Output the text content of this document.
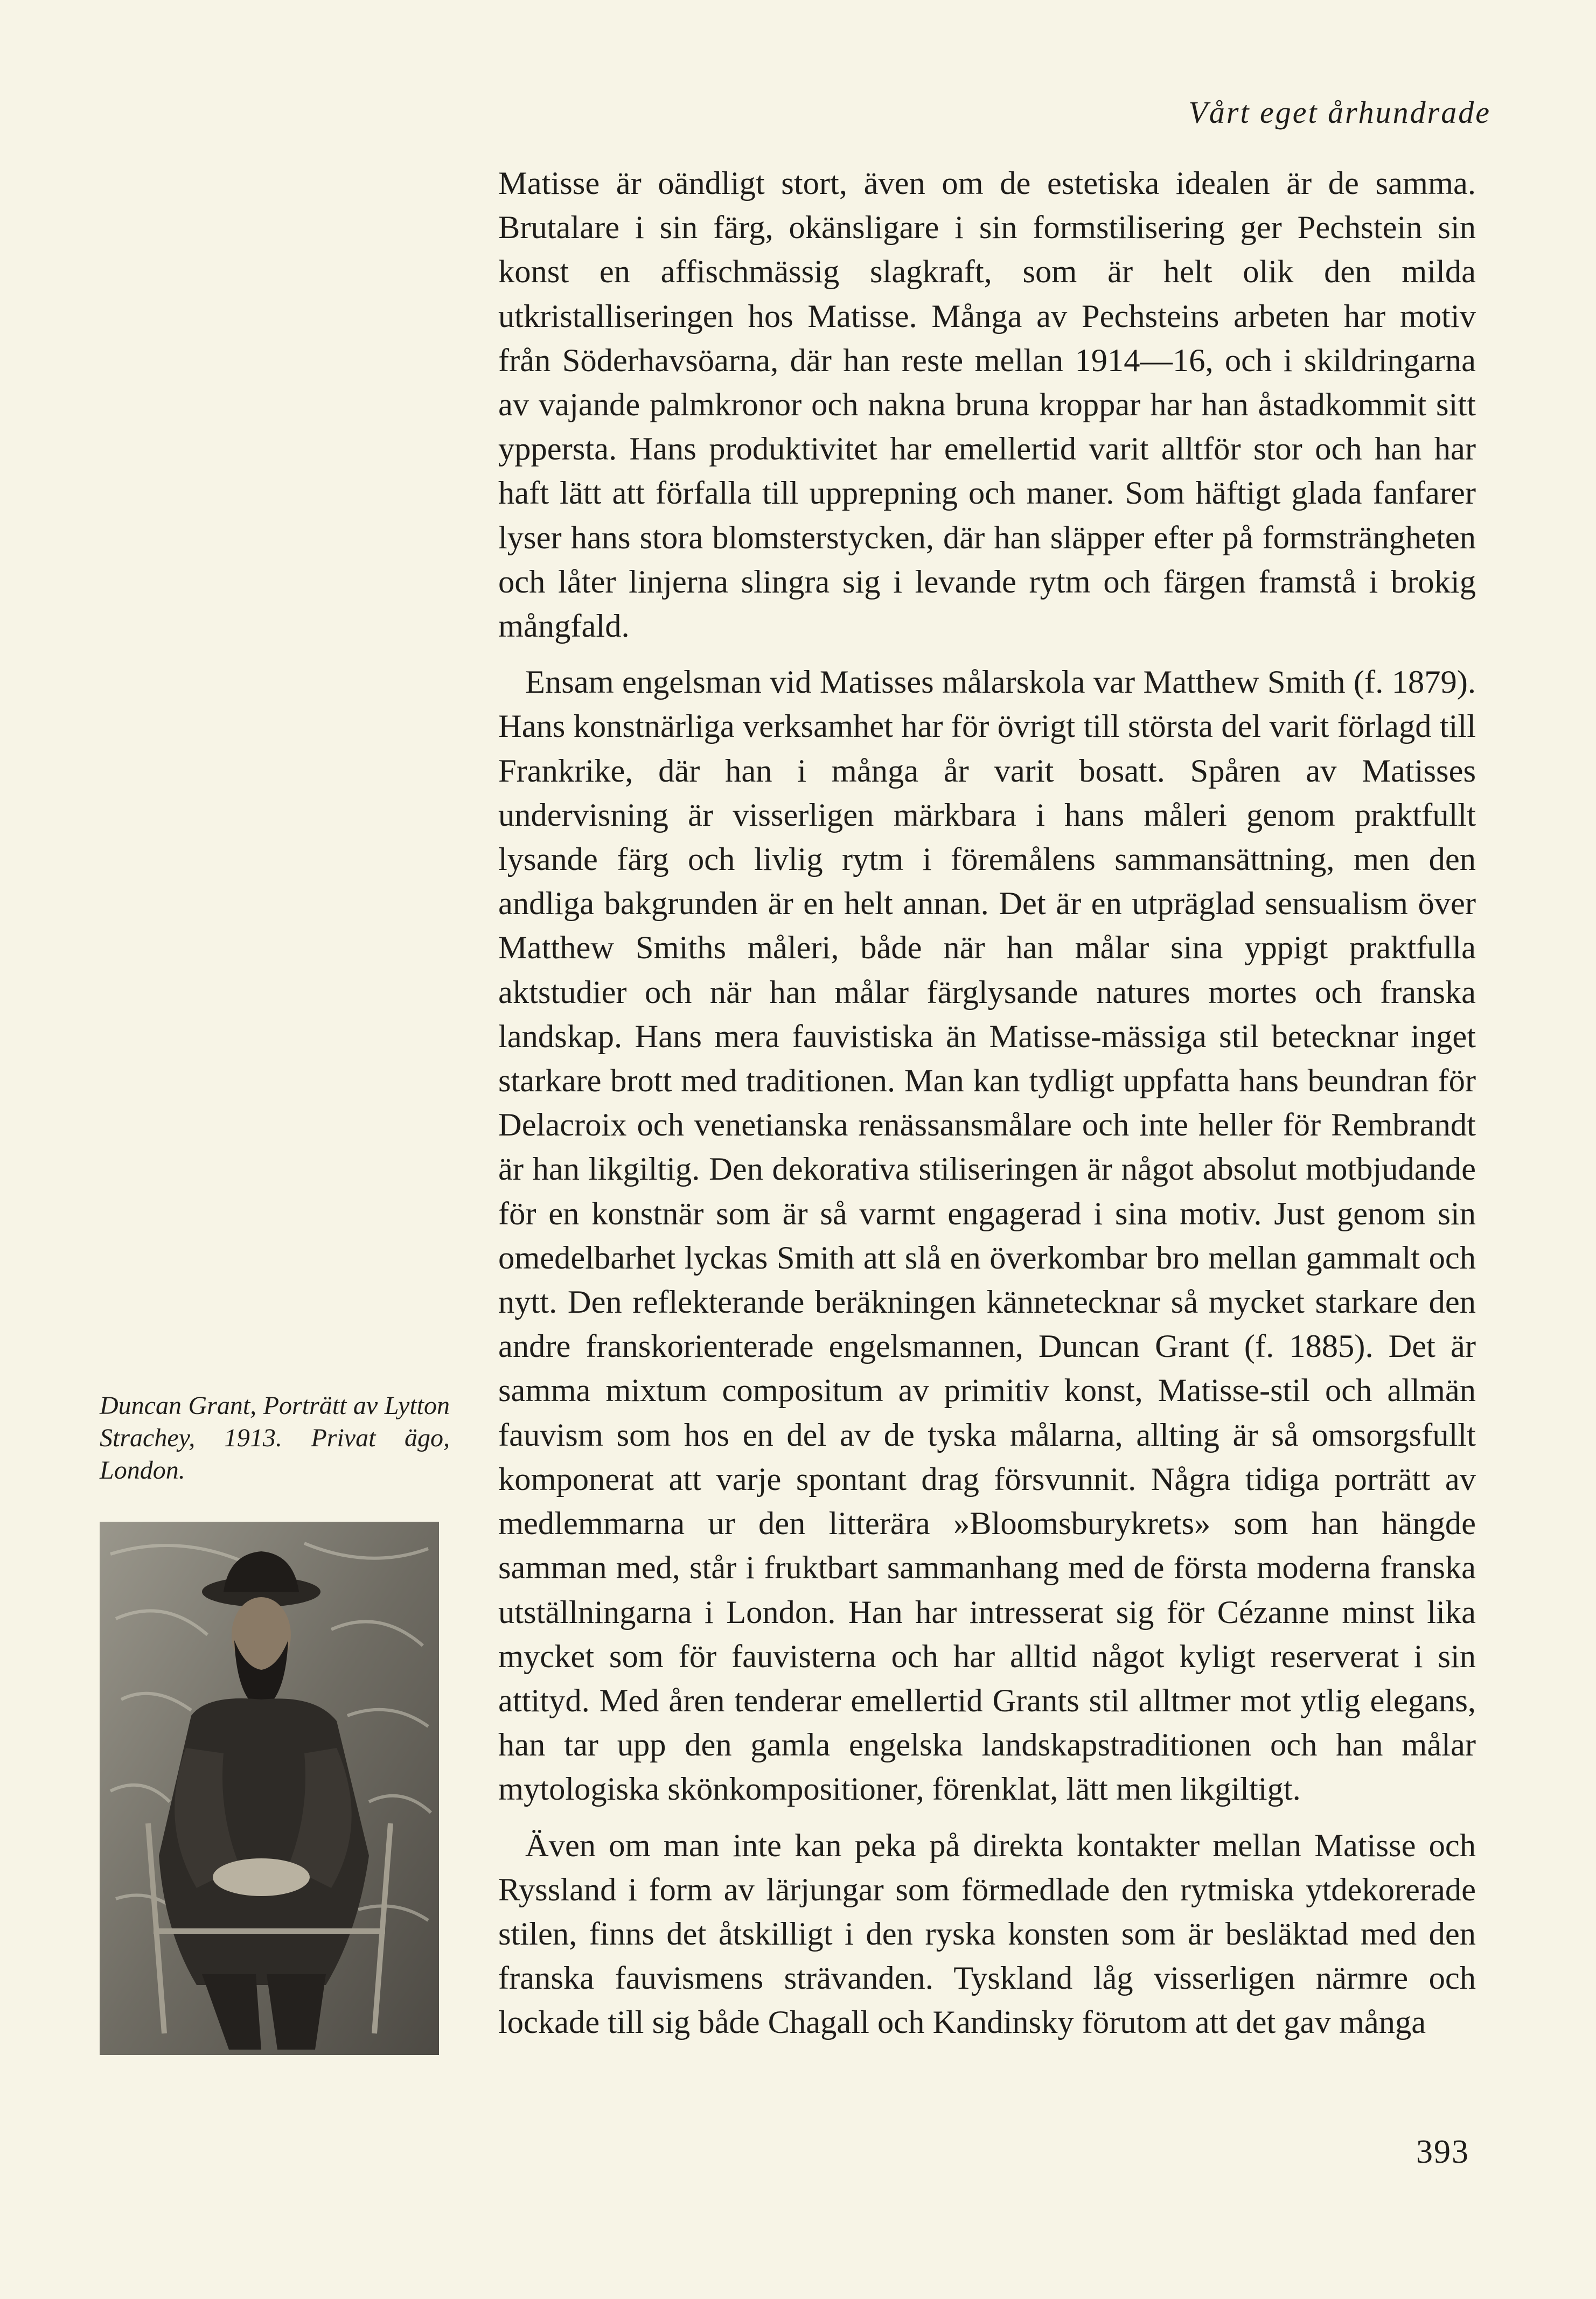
Vårt eget århundrade

Matisse är oändligt stort, även om de estetiska idealen är de samma. Brutalare i sin färg, okänsligare i sin formstilisering ger Pechstein sin konst en affischmässig slagkraft, som är helt olik den milda utkristalliseringen hos Matisse. Många av Pechsteins arbeten har motiv från Söderhavsöarna, där han reste mellan 1914—16, och i skildringarna av vajande palmkronor och nakna bruna kroppar har han åstadkommit sitt yppersta. Hans produktivitet har emellertid varit alltför stor och han har haft lätt att förfalla till upprepning och maner. Som häftigt glada fanfarer lyser hans stora blomsterstycken, där han släpper efter på formsträngheten och låter linjerna slingra sig i levande rytm och färgen framstå i brokig mångfald.

Ensam engelsman vid Matisses målarskola var Matthew Smith (f. 1879). Hans konstnärliga verksamhet har för övrigt till största del varit förlagd till Frankrike, där han i många år varit bosatt. Spåren av Matisses undervisning är visserligen märkbara i hans måleri genom praktfullt lysande färg och livlig rytm i föremålens sammansättning, men den andliga bakgrunden är en helt annan. Det är en utpräglad sensualism över Matthew Smiths måleri, både när han målar sina yppigt praktfulla aktstudier och när han målar färglysande natures mortes och franska landskap. Hans mera fauvistiska än Matisse-mässiga stil betecknar inget starkare brott med traditionen. Man kan tydligt uppfatta hans beundran för Delacroix och venetianska renässansmålare och inte heller för Rembrandt är han likgiltig. Den dekorativa stiliseringen är något absolut motbjudande för en konstnär som är så varmt engagerad i sina motiv. Just genom sin omedelbarhet lyckas Smith att slå en överkombar bro mellan gammalt och nytt. Den reflekterande beräkningen kännetecknar så mycket starkare den andre franskorienterade engelsmannen, Duncan Grant (f. 1885). Det är samma mixtum compositum av primitiv konst, Matisse-stil och allmän fauvism som hos en del av de tyska målarna, allting är så omsorgsfullt komponerat att varje spontant drag försvunnit. Några tidiga porträtt av medlemmarna ur den litterära »Bloomsburykrets» som han hängde samman med, står i fruktbart sammanhang med de första moderna franska utställningarna i London. Han har intresserat sig för Cézanne minst lika mycket som för fauvisterna och har alltid något kyligt reserverat i sin attityd. Med åren tenderar emellertid Grants stil alltmer mot ytlig elegans, han tar upp den gamla engelska landskapstraditionen och han målar mytologiska skönkompositioner, förenklat, lätt men likgiltigt.

Även om man inte kan peka på direkta kontakter mellan Matisse och Ryssland i form av lärjungar som förmedlade den rytmiska ytdekorerade stilen, finns det åtskilligt i den ryska konsten som är besläktad med den franska fauvismens strävanden. Tyskland låg visserligen närmre och lockade till sig både Chagall och Kandinsky förutom att det gav många

Duncan Grant, Porträtt av Lytton Strachey, 1913. Privat ägo, London.
393
